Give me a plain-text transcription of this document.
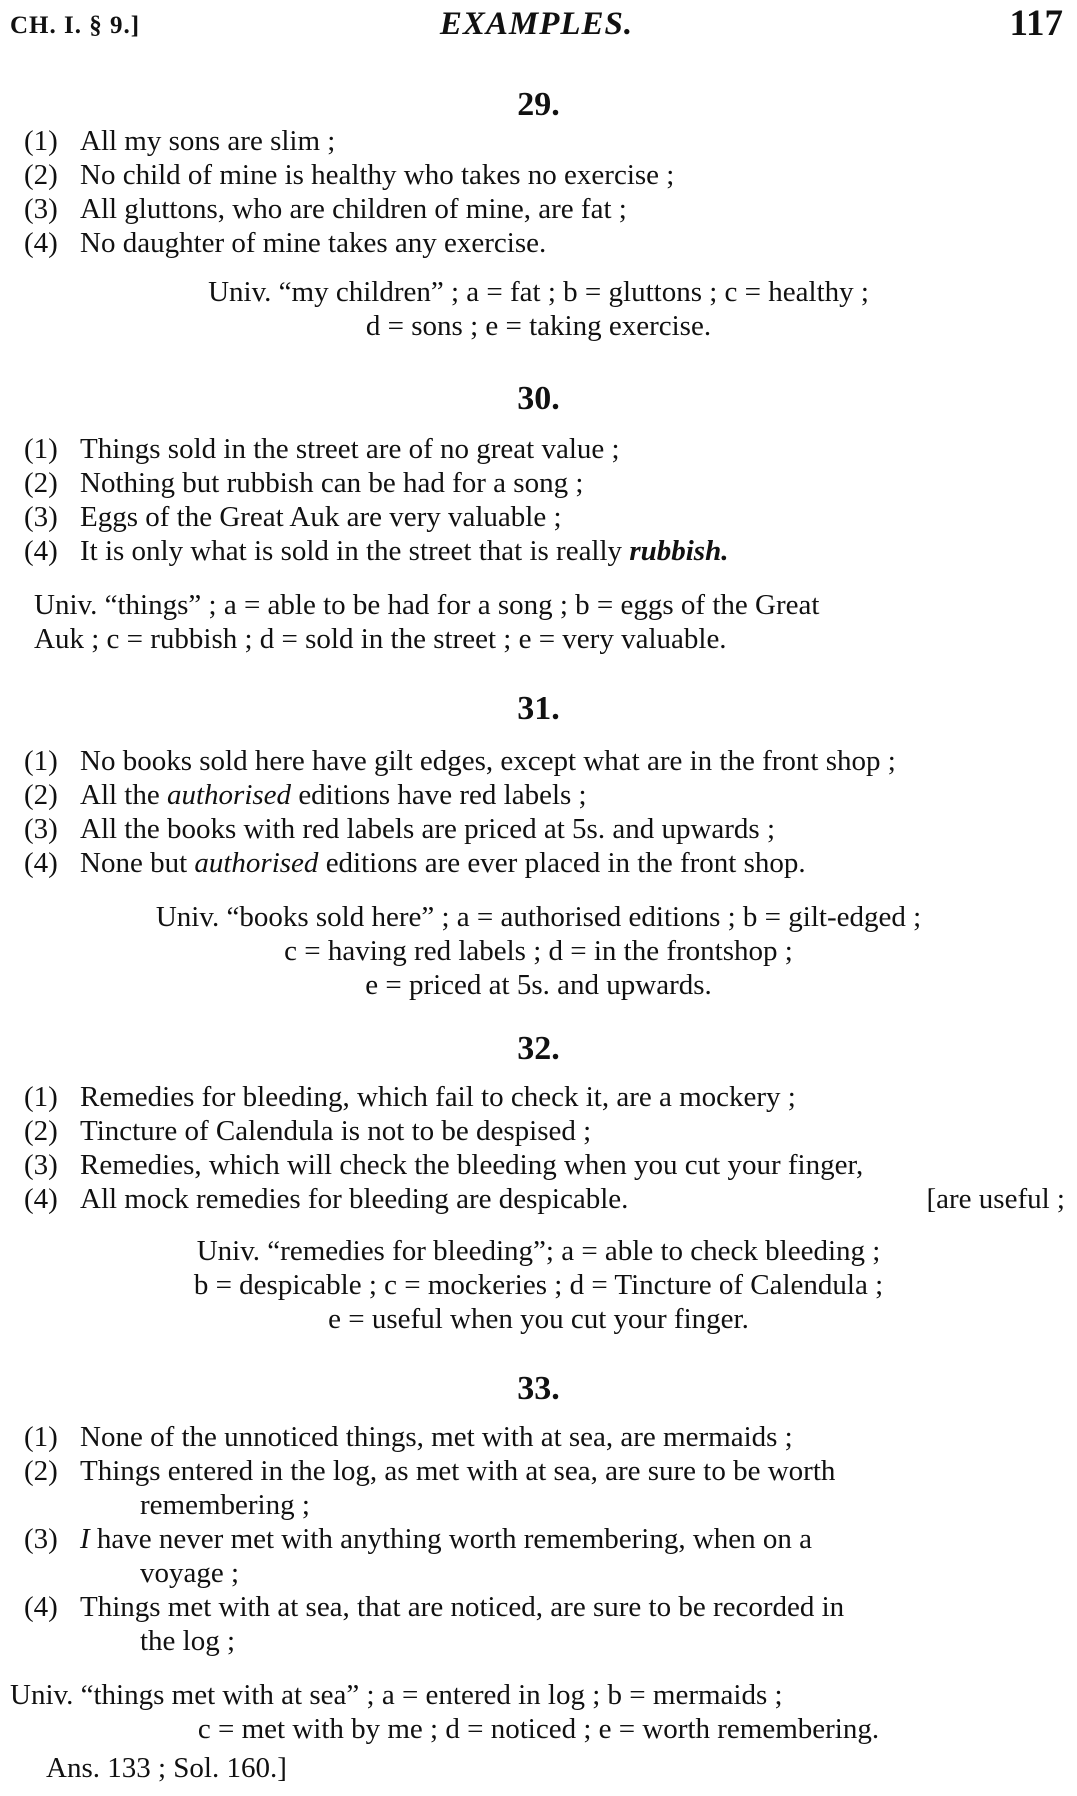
CH. I. § 9.]	EXAMPLES.	117
29.
(1) All my sons are slim ;
(2) No child of mine is healthy who takes no exercise ;
(3) All gluttons, who are children of mine, are fat ;
(4) No daughter of mine takes any exercise.
Univ. “my children” ; a = fat ; b = gluttons ; c = healthy ;
d = sons ; e = taking exercise.
30.
(1) Things sold in the street are of no great value ;
(2) Nothing but rubbish can be had for a song ;
(3) Eggs of the Great Auk are very valuable ;
(4) It is only what is sold in the street that is really rubbish.
Univ. “things” ; a = able to be had for a song ; b = eggs of the Great
Auk ; c = rubbish ; d = sold in the street ; e = very valuable.
31.
(1) No books sold here have gilt edges, except what are in the front shop ;
(2) All the authorised editions have red labels ;
(3) All the books with red labels are priced at 5s. and upwards ;
(4) None but authorised editions are ever placed in the front shop.
Univ. “books sold here” ; a = authorised editions ; b = gilt-edged ;
c = having red labels ; d = in the frontshop ;
e = priced at 5s. and upwards.
32.
(1) Remedies for bleeding, which fail to check it, are a mockery ;
(2) Tincture of Calendula is not to be despised ;
(3) Remedies, which will check the bleeding when you cut your finger,
(4) All mock remedies for bleeding are despicable.	[are useful ;
Univ. “remedies for bleeding”; a = able to check bleeding ;
b = despicable ; c = mockeries ; d = Tincture of Calendula ;
e = useful when you cut your finger.
33.
(1) None of the unnoticed things, met with at sea, are mermaids ;
(2) Things entered in the log, as met with at sea, are sure to be worth
remembering ;
(3) I have never met with anything worth remembering, when on a
voyage ;
(4) Things met with at sea, that are noticed, are sure to be recorded in
the log ;
Univ. “things met with at sea” ; a = entered in log ; b = mermaids ;
c = met with by me ; d = noticed ; e = worth remembering.
Ans. 133 ; Sol. 160.]
